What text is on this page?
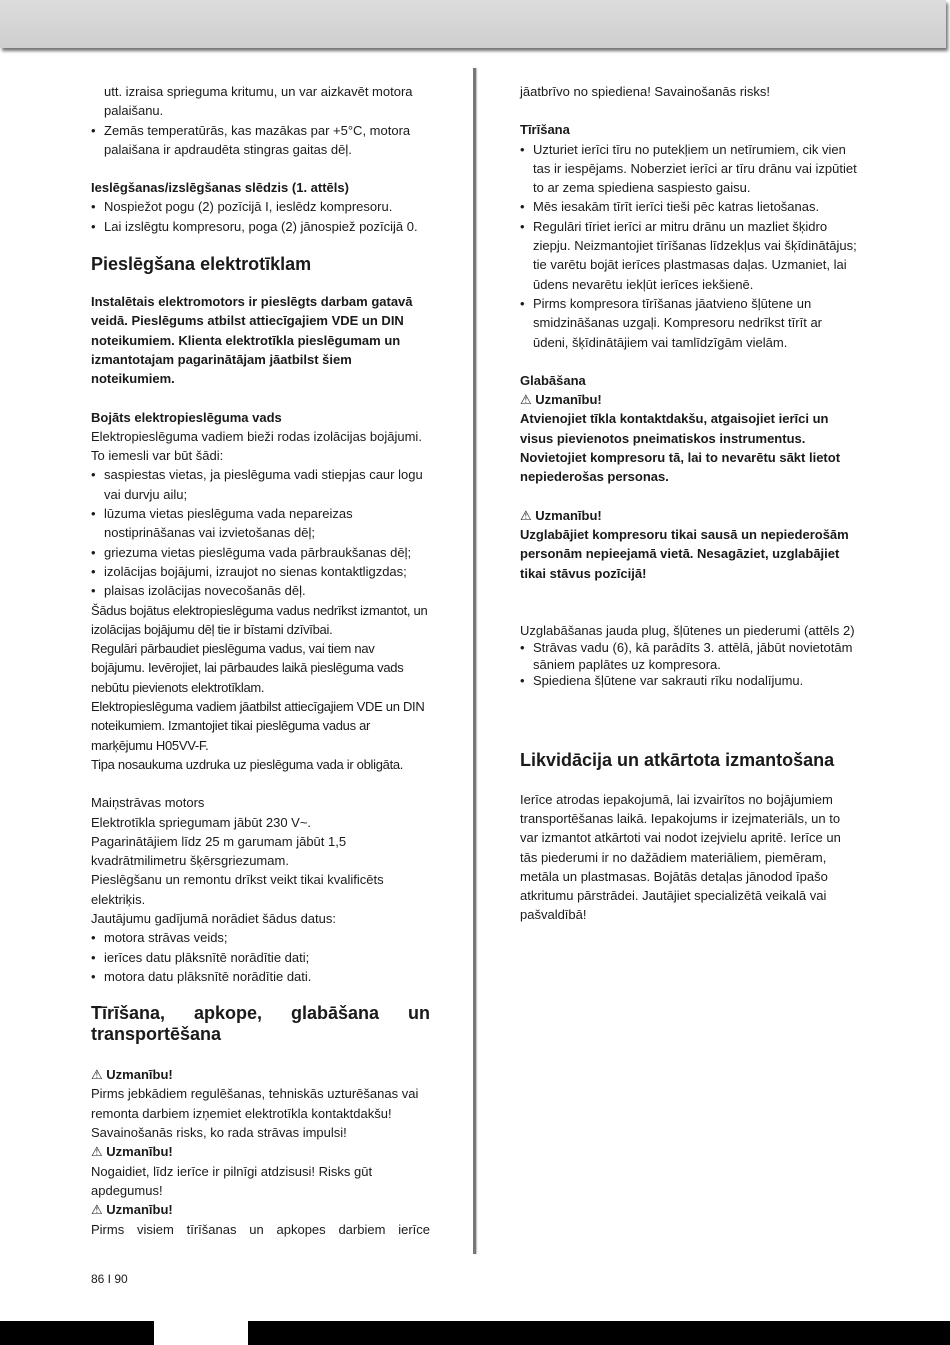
utt. izraisa sprieguma kritumu, un var aizkavēt motora palaišanu.

• Zemās temperatūrās, kas mazākas par +5°C, motora palaišana ir apdraudēta stingras gaitas dēļ.

Ieslēgšanas/izslēgšanas slēdzis (1. attēls)

• Nospiežot pogu (2) pozīcijā I, ieslēdz kompresoru.
• Lai izslēgtu kompresoru, poga (2) jānospiež pozīcijā 0.

Pieslēgšana elektrotīklam

Instalētais elektromotors ir pieslēgts darbam gatavā veidā. Pieslēgums atbilst attiecīgajiem VDE un DIN noteikumiem. Klienta elektrotīkla pieslēgumam un izmantotajam pagarinātājam jāatbilst šiem noteikumiem.

Bojāts elektropieslēguma vads

Elektropieslēguma vadiem bieži rodas izolācijas bojājumi.

To iemesli var būt šādi:

• saspiestas vietas, ja pieslēguma vadi stiepjas caur logu vai durvju ailu;
• lūzuma vietas pieslēguma vada nepareizas nostiprināšanas vai izvietošanas dēļ;
• griezuma vietas pieslēguma vada pārbraukšanas dēļ;
• izolācijas bojājumi, izraujot no sienas kontaktligzdas;
• plaisas izolācijas novecošanās dēļ.

Šādus bojātus elektropieslēguma vadus nedrīkst izmantot, un izolācijas bojājumu dēļ tie ir bīstami dzīvībai.

Regulāri pārbaudiet pieslēguma vadus, vai tiem nav bojājumu. Ievērojiet, lai pārbaudes laikā pieslēguma vads nebūtu pievienots elektrotīklam.

Elektropieslēguma vadiem jāatbilst attiecīgajiem VDE un DIN noteikumiem. Izmantojiet tikai pieslēguma vadus ar marķējumu H05VV-F.

Tipa nosaukuma uzdruka uz pieslēguma vada ir obligāta.

Maiņstrāvas motors

Elektrotīkla spriegumam jābūt 230 V~.

Pagarinātājiem līdz 25 m garumam jābūt 1,5 kvadrātmilimetru šķērsgriezumam.

Pieslēgšanu un remontu drīkst veikt tikai kvalificēts elektriķis.

Jautājumu gadījumā norādiet šādus datus:

• motora strāvas veids;
• ierīces datu plāksnītē norādītie dati;
• motora datu plāksnītē norādītie dati.

Tīrīšana, apkope, glabāšana un

transportēšana

⚠ Uzmanību!

Pirms jebkādiem regulēšanas, tehniskās uzturēšanas vai remonta darbiem izņemiet elektrotīkla kontaktdakšu! Savainošanās risks, ko rada strāvas impulsi!

⚠ Uzmanību!

Nogaidiet, līdz ierīce ir pilnīgi atdzisusi! Risks gūt apdegumus!

⚠ Uzmanību!

Pirms visiem tīrīšanas un apkopes darbiem ierīce

jāatbrīvo no spiediena! Savainošanās risks!

Tīrīšana

• Uzturiet ierīci tīru no putekļiem un netīrumiem, cik vien tas ir iespējams. Noberziet ierīci ar tīru drānu vai izpūtiet to ar zema spiediena saspiesto gaisu.
• Mēs iesakām tīrīt ierīci tieši pēc katras lietošanas.
• Regulāri tīriet ierīci ar mitru drānu un mazliet šķidro ziepju. Neizmantojiet tīrīšanas līdzekļus vai šķīdinātājus; tie varētu bojāt ierīces plastmasas daļas. Uzmaniet, lai ūdens nevarētu iekļūt ierīces iekšienē.
• Pirms kompresora tīrīšanas jāatvieno šļūtene un smidzināšanas uzgaļi. Kompresoru nedrīkst tīrīt ar ūdeni, šķīdinātājiem vai tamlīdzīgām vielām.

Glabāšana

⚠ Uzmanību!

Atvienojiet tīkla kontaktdakšu, atgaisojiet ierīci un visus pievienotos pneimatiskos instrumentus. Novietojiet kompresoru tā, lai to nevarētu sākt lietot nepiederošas personas.

⚠ Uzmanību!

Uzglabājiet kompresoru tikai sausā un nepiederošām personām nepieejamā vietā. Nesagāziet, uzglabājiet tikai stāvus pozīcijā!

Uzglabāšanas jauda plug, šļūtenes un piederumi (attēls 2)

• Strāvas vadu (6), kā parādīts 3. attēlā, jābūt novietotām sāniem paplātes uz kompresora.
• Spiediena šļūtene var sakrauti rīku nodalījumu.

Likvidācija un atkārtota izmantošana

Ierīce atrodas iepakojumā, lai izvairītos no bojājumiem transportēšanas laikā. Iepakojums ir izejmateriāls, un to var izmantot atkārtoti vai nodot izejvielu apritē. Ierīce un tās piederumi ir no dažādiem materiāliem, piemēram, metāla un plastmasas. Bojātās detaļas jānodod īpašo atkritumu pārstrādei. Jautājiet specializētā veikalā vai pašvaldībā!

86 I 90
